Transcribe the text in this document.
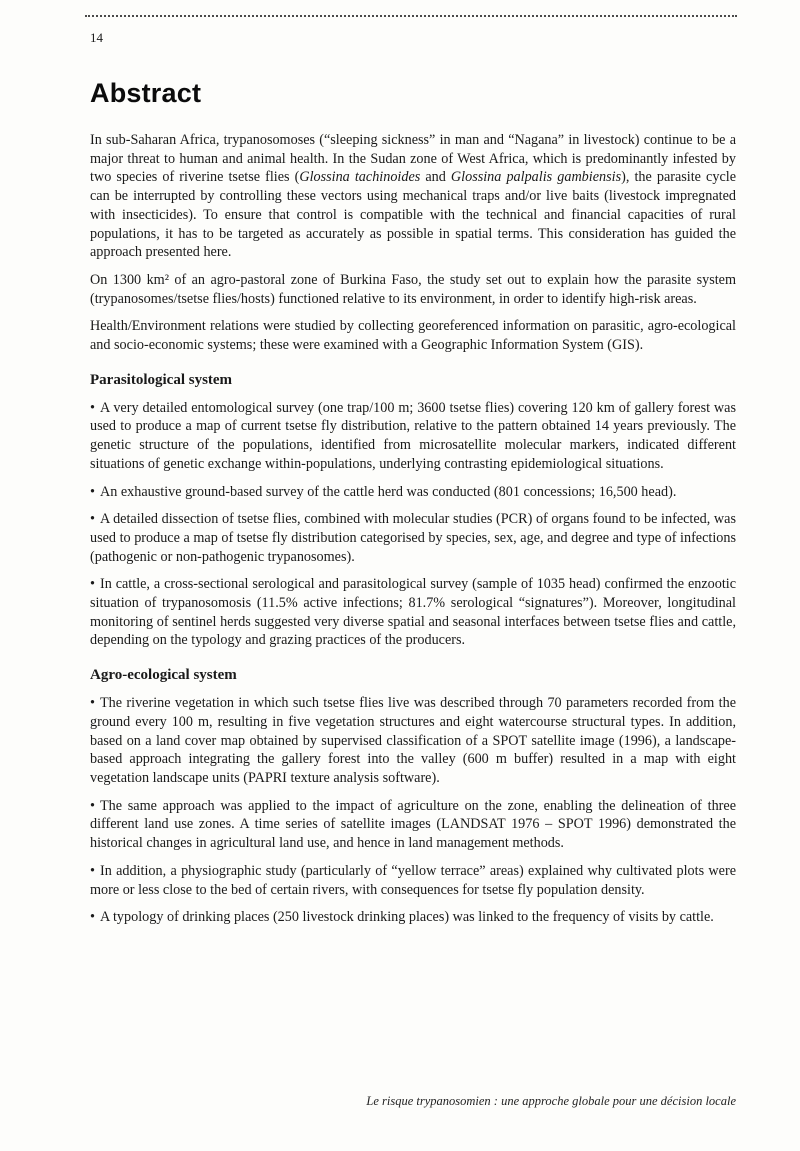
14
Abstract

In sub-Saharan Africa, trypanosomoses (“sleeping sickness” in man and “Nagana” in livestock) continue to be a major threat to human and animal health. In the Sudan zone of West Africa, which is predominantly infested by two species of riverine tsetse flies (Glossina tachinoides and Glossina palpalis gambiensis), the parasite cycle can be interrupted by controlling these vectors using mechanical traps and/or live baits (livestock impregnated with insecticides). To ensure that control is compatible with the technical and financial capacities of rural populations, it has to be targeted as accurately as possible in spatial terms. This consideration has guided the approach presented here.

On 1300 km² of an agro-pastoral zone of Burkina Faso, the study set out to explain how the parasite system (trypanosomes/tsetse flies/hosts) functioned relative to its environment, in order to identify high-risk areas.

Health/Environment relations were studied by collecting georeferenced information on parasitic, agro-ecological and socio-economic systems; these were examined with a Geographic Information System (GIS).

Parasitological system

• A very detailed entomological survey (one trap/100 m; 3600 tsetse flies) covering 120 km of gallery forest was used to produce a map of current tsetse fly distribution, relative to the pattern obtained 14 years previously. The genetic structure of the populations, identified from microsatellite molecular markers, indicated different situations of genetic exchange within-populations, underlying contrasting epidemiological situations.

• An exhaustive ground-based survey of the cattle herd was conducted (801 concessions; 16,500 head).

• A detailed dissection of tsetse flies, combined with molecular studies (PCR) of organs found to be infected, was used to produce a map of tsetse fly distribution categorised by species, sex, age, and degree and type of infections (pathogenic or non-pathogenic trypanosomes).

• In cattle, a cross-sectional serological and parasitological survey (sample of 1035 head) confirmed the enzootic situation of trypanosomosis (11.5% active infections; 81.7% serological “signatures”). Moreover, longitudinal monitoring of sentinel herds suggested very diverse spatial and seasonal interfaces between tsetse flies and cattle, depending on the typology and grazing practices of the producers.

Agro-ecological system

• The riverine vegetation in which such tsetse flies live was described through 70 parameters recorded from the ground every 100 m, resulting in five vegetation structures and eight watercourse structural types. In addition, based on a land cover map obtained by supervised classification of a SPOT satellite image (1996), a landscape-based approach integrating the gallery forest into the valley (600 m buffer) resulted in a map with eight vegetation landscape units (PAPRI texture analysis software).

• The same approach was applied to the impact of agriculture on the zone, enabling the delineation of three different land use zones. A time series of satellite images (LANDSAT 1976 – SPOT 1996) demonstrated the historical changes in agricultural land use, and hence in land management methods.

• In addition, a physiographic study (particularly of “yellow terrace” areas) explained why cultivated plots were more or less close to the bed of certain rivers, with consequences for tsetse fly population density.

• A typology of drinking places (250 livestock drinking places) was linked to the frequency of visits by cattle.

Le risque trypanosomien : une approche globale pour une décision locale
